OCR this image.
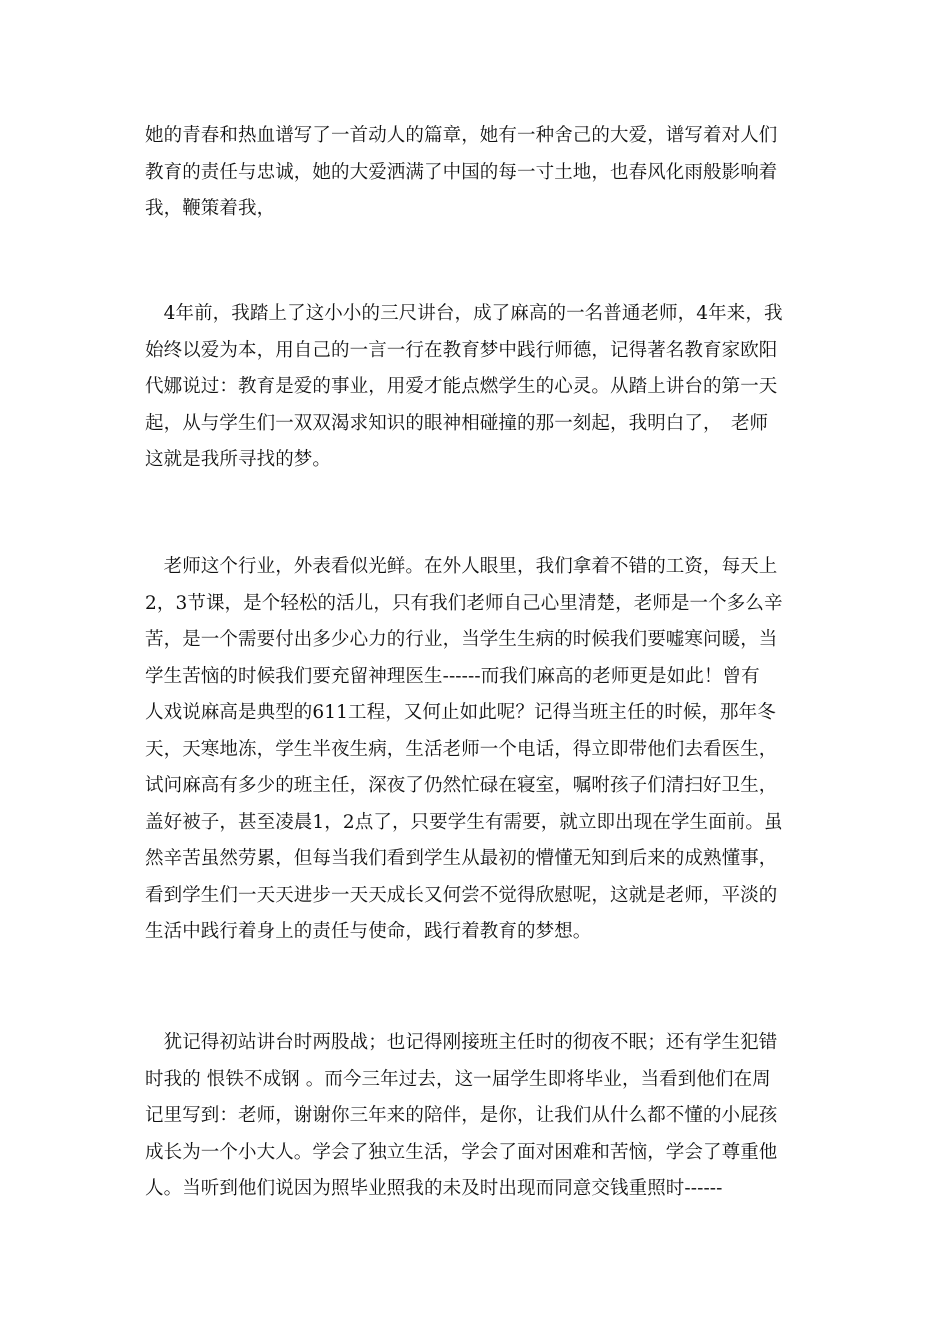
她的青春和热血谱写了一首动人的篇章，她有一种舍己的大爱，谱写着对人们
教育的责任与忠诚，她的大爱洒满了中国的每一寸土地，也春风化雨般影响着
我，鞭策着我，
　4年前，我踏上了这小小的三尺讲台，成了麻高的一名普通老师，4年来，我
始终以爱为本，用自己的一言一行在教育梦中践行师德，记得著名教育家欧阳
代娜说过：教育是爱的事业，用爱才能点燃学生的心灵。从踏上讲台的第一天
起，从与学生们一双双渴求知识的眼神相碰撞的那一刻起，我明白了，　老师
这就是我所寻找的梦。
　老师这个行业，外表看似光鲜。在外人眼里，我们拿着不错的工资，每天上
2，3节课，是个轻松的活儿，只有我们老师自己心里清楚，老师是一个多么辛
苦，是一个需要付出多少心力的行业，当学生生病的时候我们要嘘寒问暖，当
学生苦恼的时候我们要充留神理医生------而我们麻高的老师更是如此！曾有
人戏说麻高是典型的611工程，又何止如此呢？记得当班主任的时候，那年冬
天，天寒地冻，学生半夜生病，生活老师一个电话，得立即带他们去看医生，
试问麻高有多少的班主任，深夜了仍然忙碌在寝室，嘱咐孩子们清扫好卫生，
盖好被子，甚至凌晨1，2点了，只要学生有需要，就立即出现在学生面前。虽
然辛苦虽然劳累，但每当我们看到学生从最初的懵懂无知到后来的成熟懂事，
看到学生们一天天进步一天天成长又何尝不觉得欣慰呢，这就是老师，平淡的
生活中践行着身上的责任与使命，践行着教育的梦想。
　犹记得初站讲台时两股战；也记得刚接班主任时的彻夜不眠；还有学生犯错
时我的 恨铁不成钢 。而今三年过去，这一届学生即将毕业，当看到他们在周
记里写到：老师，谢谢你三年来的陪伴，是你，让我们从什么都不懂的小屁孩
成长为一个小大人。学会了独立生活，学会了面对困难和苦恼，学会了尊重他
人。当听到他们说因为照毕业照我的未及时出现而同意交钱重照时------
